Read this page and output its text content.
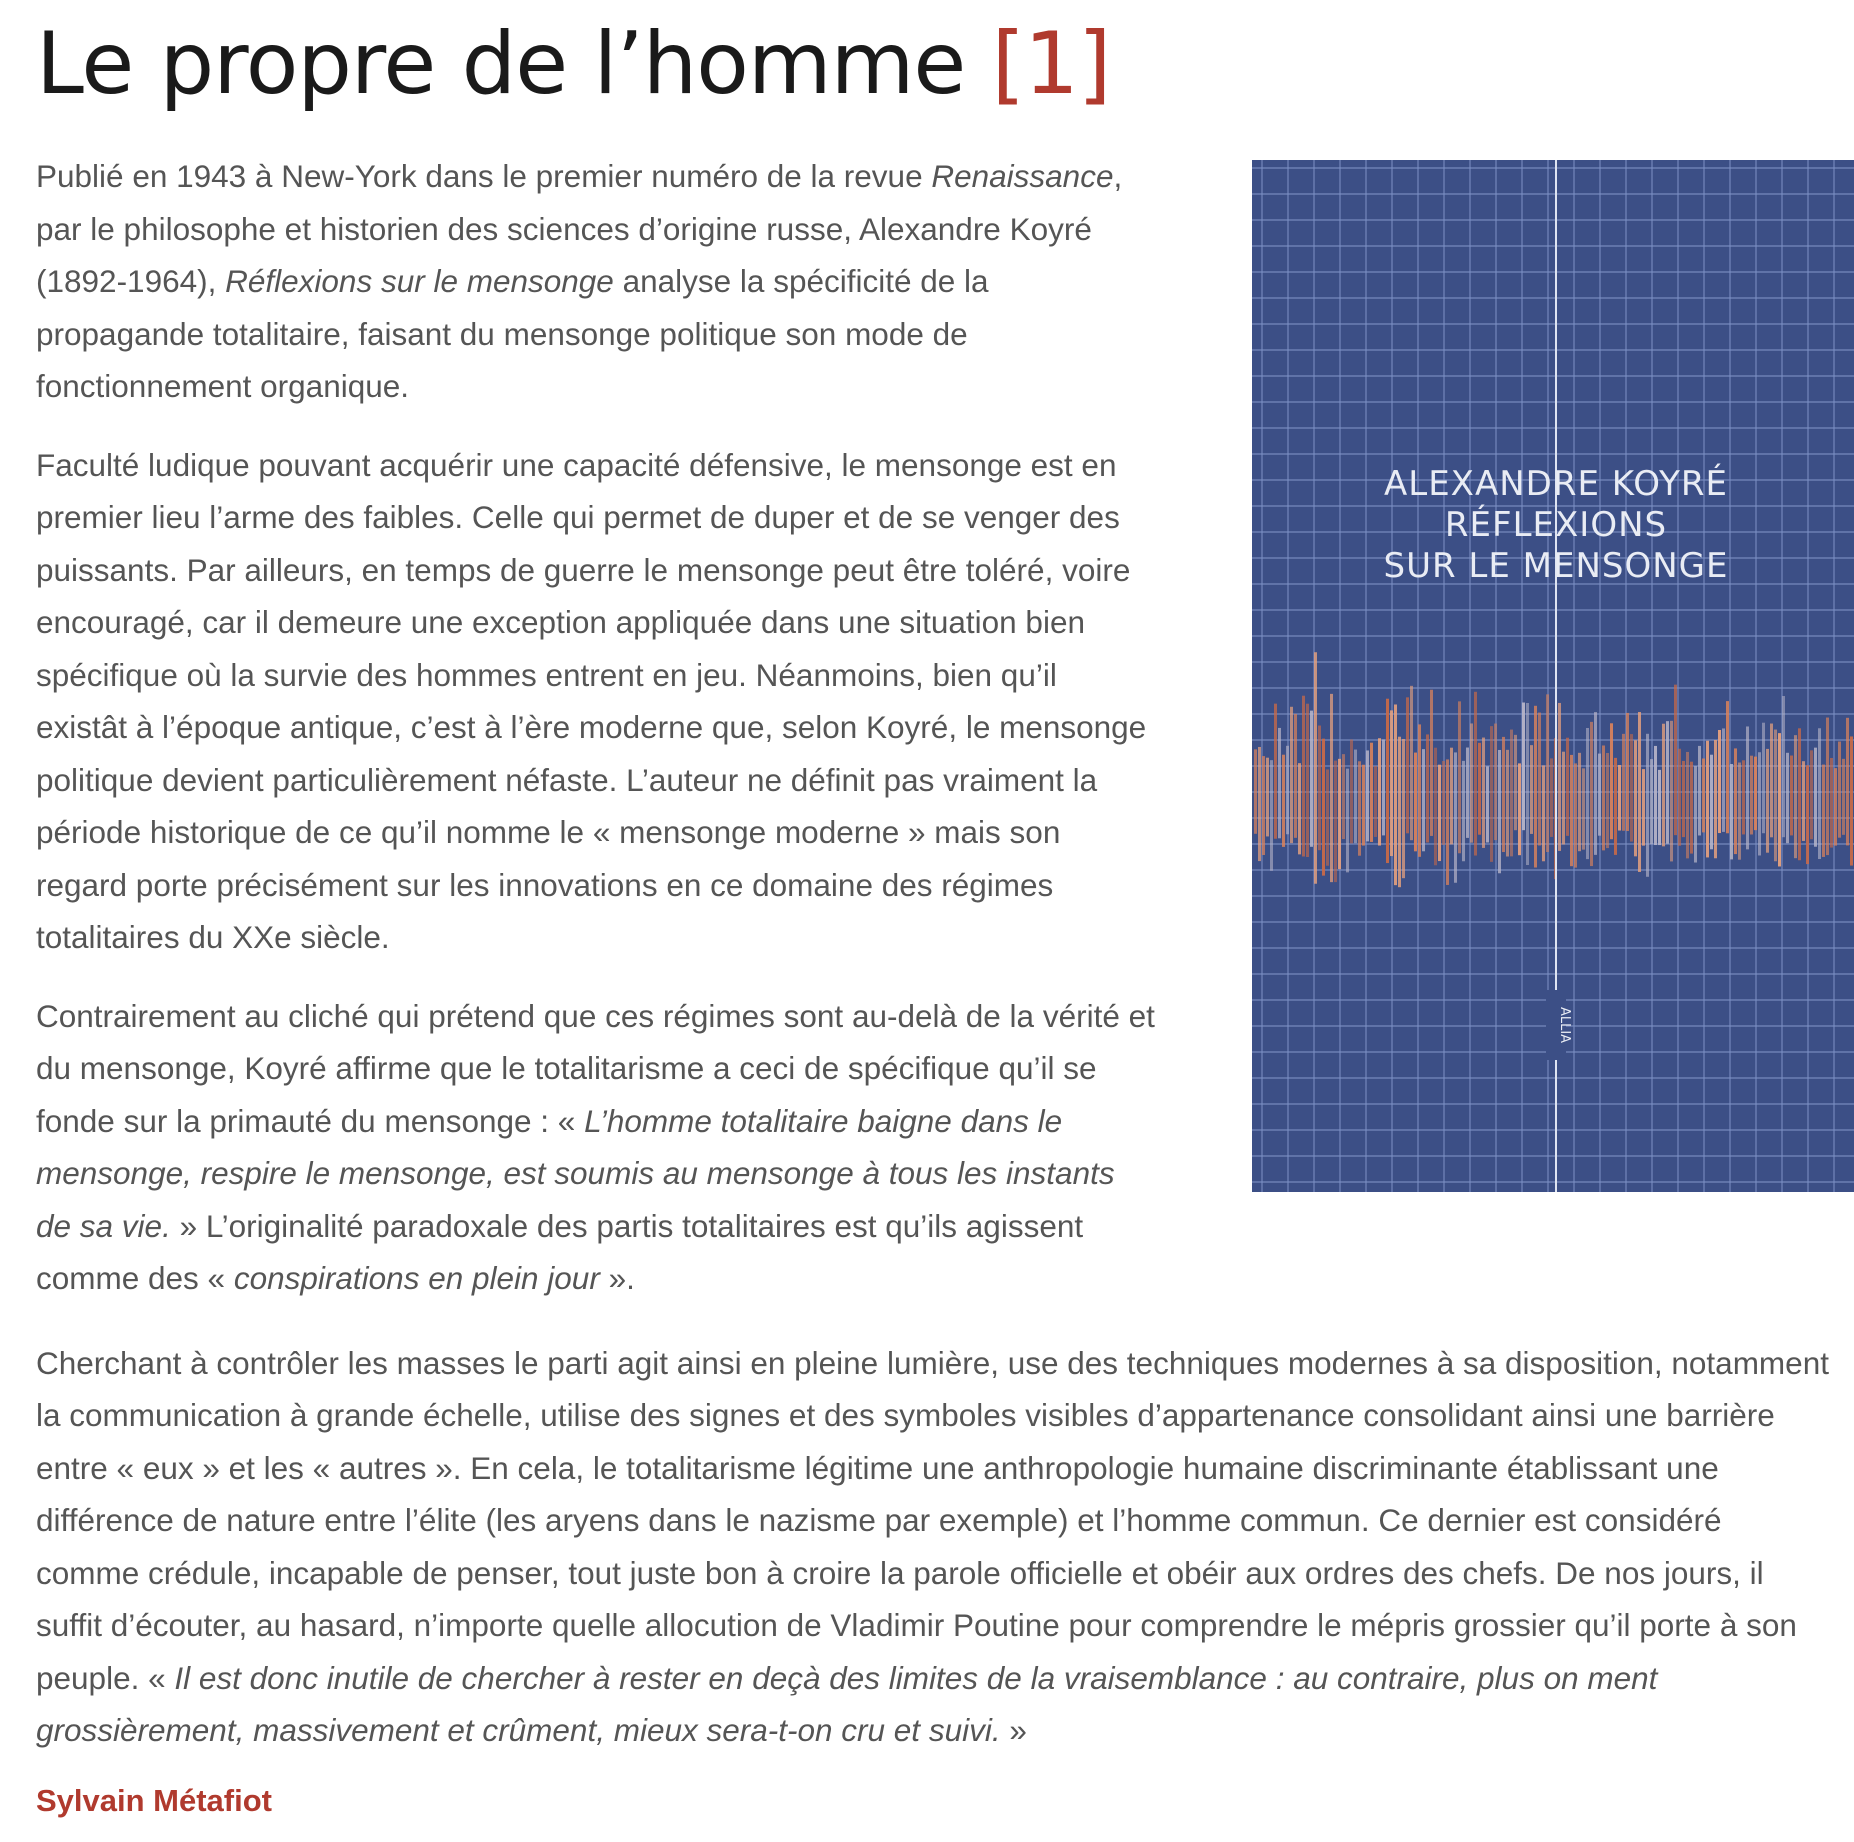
Le propre de l’homme [1]
ALEXANDRE KOYRÉ
RÉFLEXIONS
SUR LE MENSONGE
ALLIA

Publié en 1943 à New-York dans le premier numéro de la revue Renaissance, par le philosophe et historien des sciences d’origine russe, Alexandre Koyré (1892-1964), Réflexions sur le mensonge analyse la spécificité de la propagande totalitaire, faisant du mensonge politique son mode de fonctionnement organique.

Faculté ludique pouvant acquérir une capacité défensive, le mensonge est en premier lieu l’arme des faibles. Celle qui permet de duper et de se venger des puissants. Par ailleurs, en temps de guerre le mensonge peut être toléré, voire encouragé, car il demeure une exception appliquée dans une situation bien spécifique où la survie des hommes entrent en jeu. Néanmoins, bien qu’il existât à l’époque antique, c’est à l’ère moderne que, selon Koyré, le mensonge politique devient particulièrement néfaste. L’auteur ne définit pas vraiment la période historique de ce qu’il nomme le « mensonge moderne » mais son regard porte précisément sur les innovations en ce domaine des régimes totalitaires du XXe siècle.

Contrairement au cliché qui prétend que ces régimes sont au-delà de la vérité et du mensonge, Koyré affirme que le totalitarisme a ceci de spécifique qu’il se fonde sur la primauté du mensonge : « L’homme totalitaire baigne dans le mensonge, respire le mensonge, est soumis au mensonge à tous les instants de sa vie. » L’originalité paradoxale des partis totalitaires est qu’ils agissent comme des « conspirations en plein jour ».

Cherchant à contrôler les masses le parti agit ainsi en pleine lumière, use des techniques modernes à sa disposition, notamment la communication à grande échelle, utilise des signes et des symboles visibles d’appartenance consolidant ainsi une barrière entre « eux » et les « autres ». En cela, le totalitarisme légitime une anthropologie humaine discriminante établissant une différence de nature entre l’élite (les aryens dans le nazisme par exemple) et l’homme commun. Ce dernier est considéré comme crédule, incapable de penser, tout juste bon à croire la parole officielle et obéir aux ordres des chefs. De nos jours, il suffit d’écouter, au hasard, n’importe quelle allocution de Vladimir Poutine pour comprendre le mépris grossier qu’il porte à son peuple. « Il est donc inutile de chercher à rester en deçà des limites de la vraisemblance : au contraire, plus on ment grossièrement, massivement et crûment, mieux sera-t-on cru et suivi. »

Sylvain Métafiot
